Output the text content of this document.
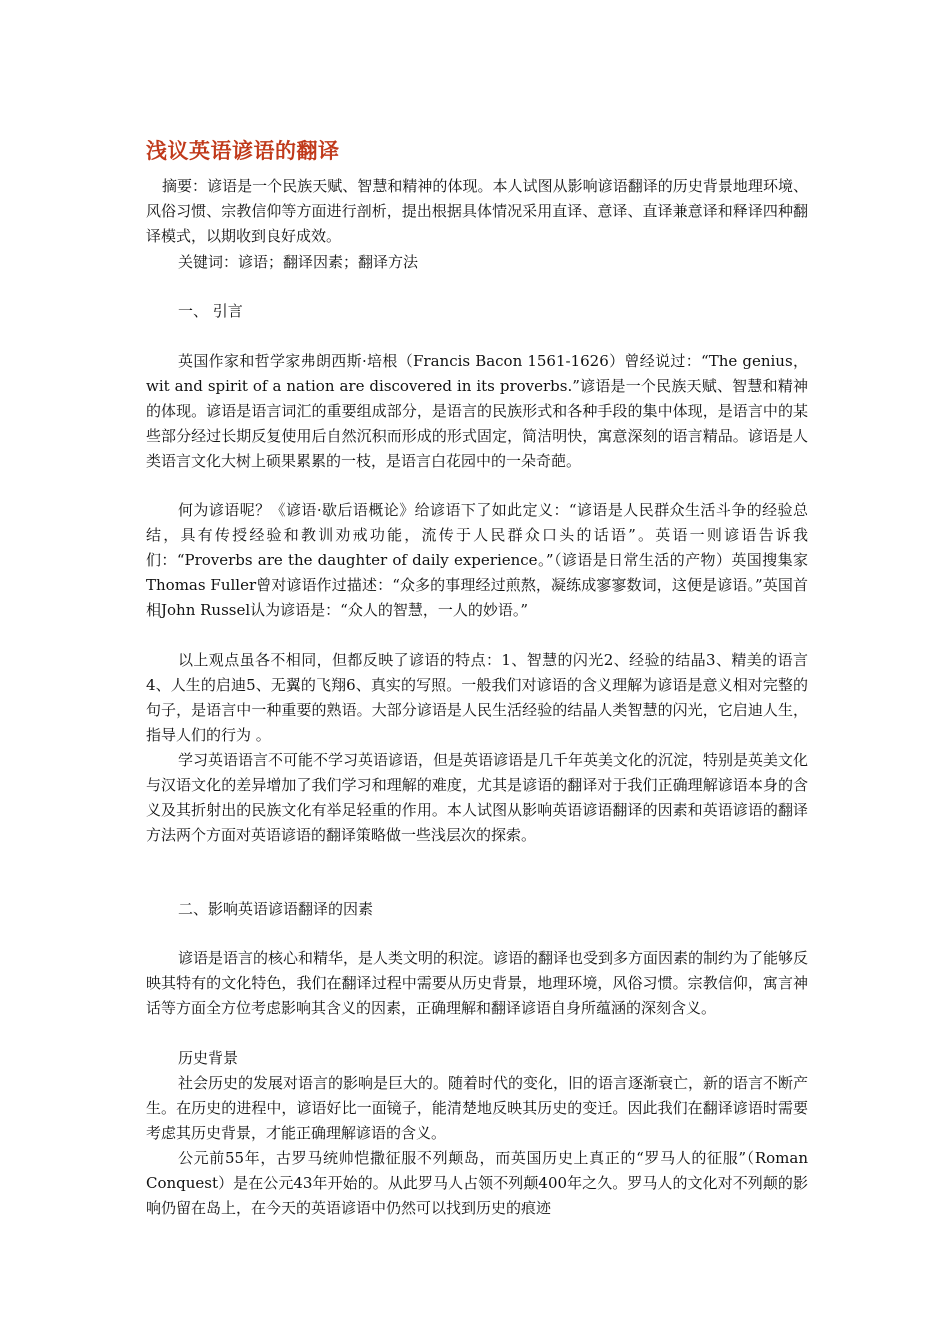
浅议英语谚语的翻译
摘要：谚语是一个民族天赋、智慧和精神的体现。本人试图从影响谚语翻译的历史背景地理环境、风俗习惯、宗教信仰等方面进行剖析，提出根据具体情况采用直译、意译、直译兼意译和释译四种翻译模式，以期收到良好成效。
关键词：谚语；翻译因素；翻译方法
一、 引言
英国作家和哲学家弗朗西斯·培根（Francis Bacon 1561-1626）曾经说过：“The genius，wit and spirit of a nation are discovered in its proverbs.”谚语是一个民族天赋、智慧和精神的体现。谚语是语言词汇的重要组成部分，是语言的民族形式和各种手段的集中体现，是语言中的某些部分经过长期反复使用后自然沉积而形成的形式固定，简洁明快，寓意深刻的语言精品。谚语是人类语言文化大树上硕果累累的一枝，是语言白花园中的一朵奇葩。
何为谚语呢？《谚语·歇后语概论》给谚语下了如此定义：“谚语是人民群众生活斗争的经验总结，具有传授经验和教训劝戒功能，流传于人民群众口头的话语”。英语一则谚语告诉我们：“Proverbs are the daughter of daily experience。”（谚语是日常生活的产物）英国搜集家Thomas Fuller曾对谚语作过描述：“众多的事理经过煎熬，凝练成寥寥数词，这便是谚语。”英国首相John Russel认为谚语是：“众人的智慧，一人的妙语。”
以上观点虽各不相同，但都反映了谚语的特点：1、智慧的闪光2、经验的结晶3、精美的语言4、人生的启迪5、无翼的飞翔6、真实的写照。一般我们对谚语的含义理解为谚语是意义相对完整的句子，是语言中一种重要的熟语。大部分谚语是人民生活经验的结晶人类智慧的闪光，它启迪人生，指导人们的行为 。
学习英语语言不可能不学习英语谚语，但是英语谚语是几千年英美文化的沉淀，特别是英美文化与汉语文化的差异增加了我们学习和理解的难度，尤其是谚语的翻译对于我们正确理解谚语本身的含义及其折射出的民族文化有举足轻重的作用。本人试图从影响英语谚语翻译的因素和英语谚语的翻译方法两个方面对英语谚语的翻译策略做一些浅层次的探索。
二、影响英语谚语翻译的因素
谚语是语言的核心和精华，是人类文明的积淀。谚语的翻译也受到多方面因素的制约为了能够反映其特有的文化特色，我们在翻译过程中需要从历史背景，地理环境，风俗习惯。宗教信仰，寓言神话等方面全方位考虑影响其含义的因素，正确理解和翻译谚语自身所蕴涵的深刻含义。
历史背景
社会历史的发展对语言的影响是巨大的。随着时代的变化，旧的语言逐渐衰亡，新的语言不断产生。在历史的进程中，谚语好比一面镜子，能清楚地反映其历史的变迁。因此我们在翻译谚语时需要考虑其历史背景，才能正确理解谚语的含义。
公元前55年，古罗马统帅恺撒征服不列颠岛，而英国历史上真正的“罗马人的征服”（Roman Conquest）是在公元43年开始的。从此罗马人占领不列颠400年之久。罗马人的文化对不列颠的影响仍留在岛上，在今天的英语谚语中仍然可以找到历史的痕迹
